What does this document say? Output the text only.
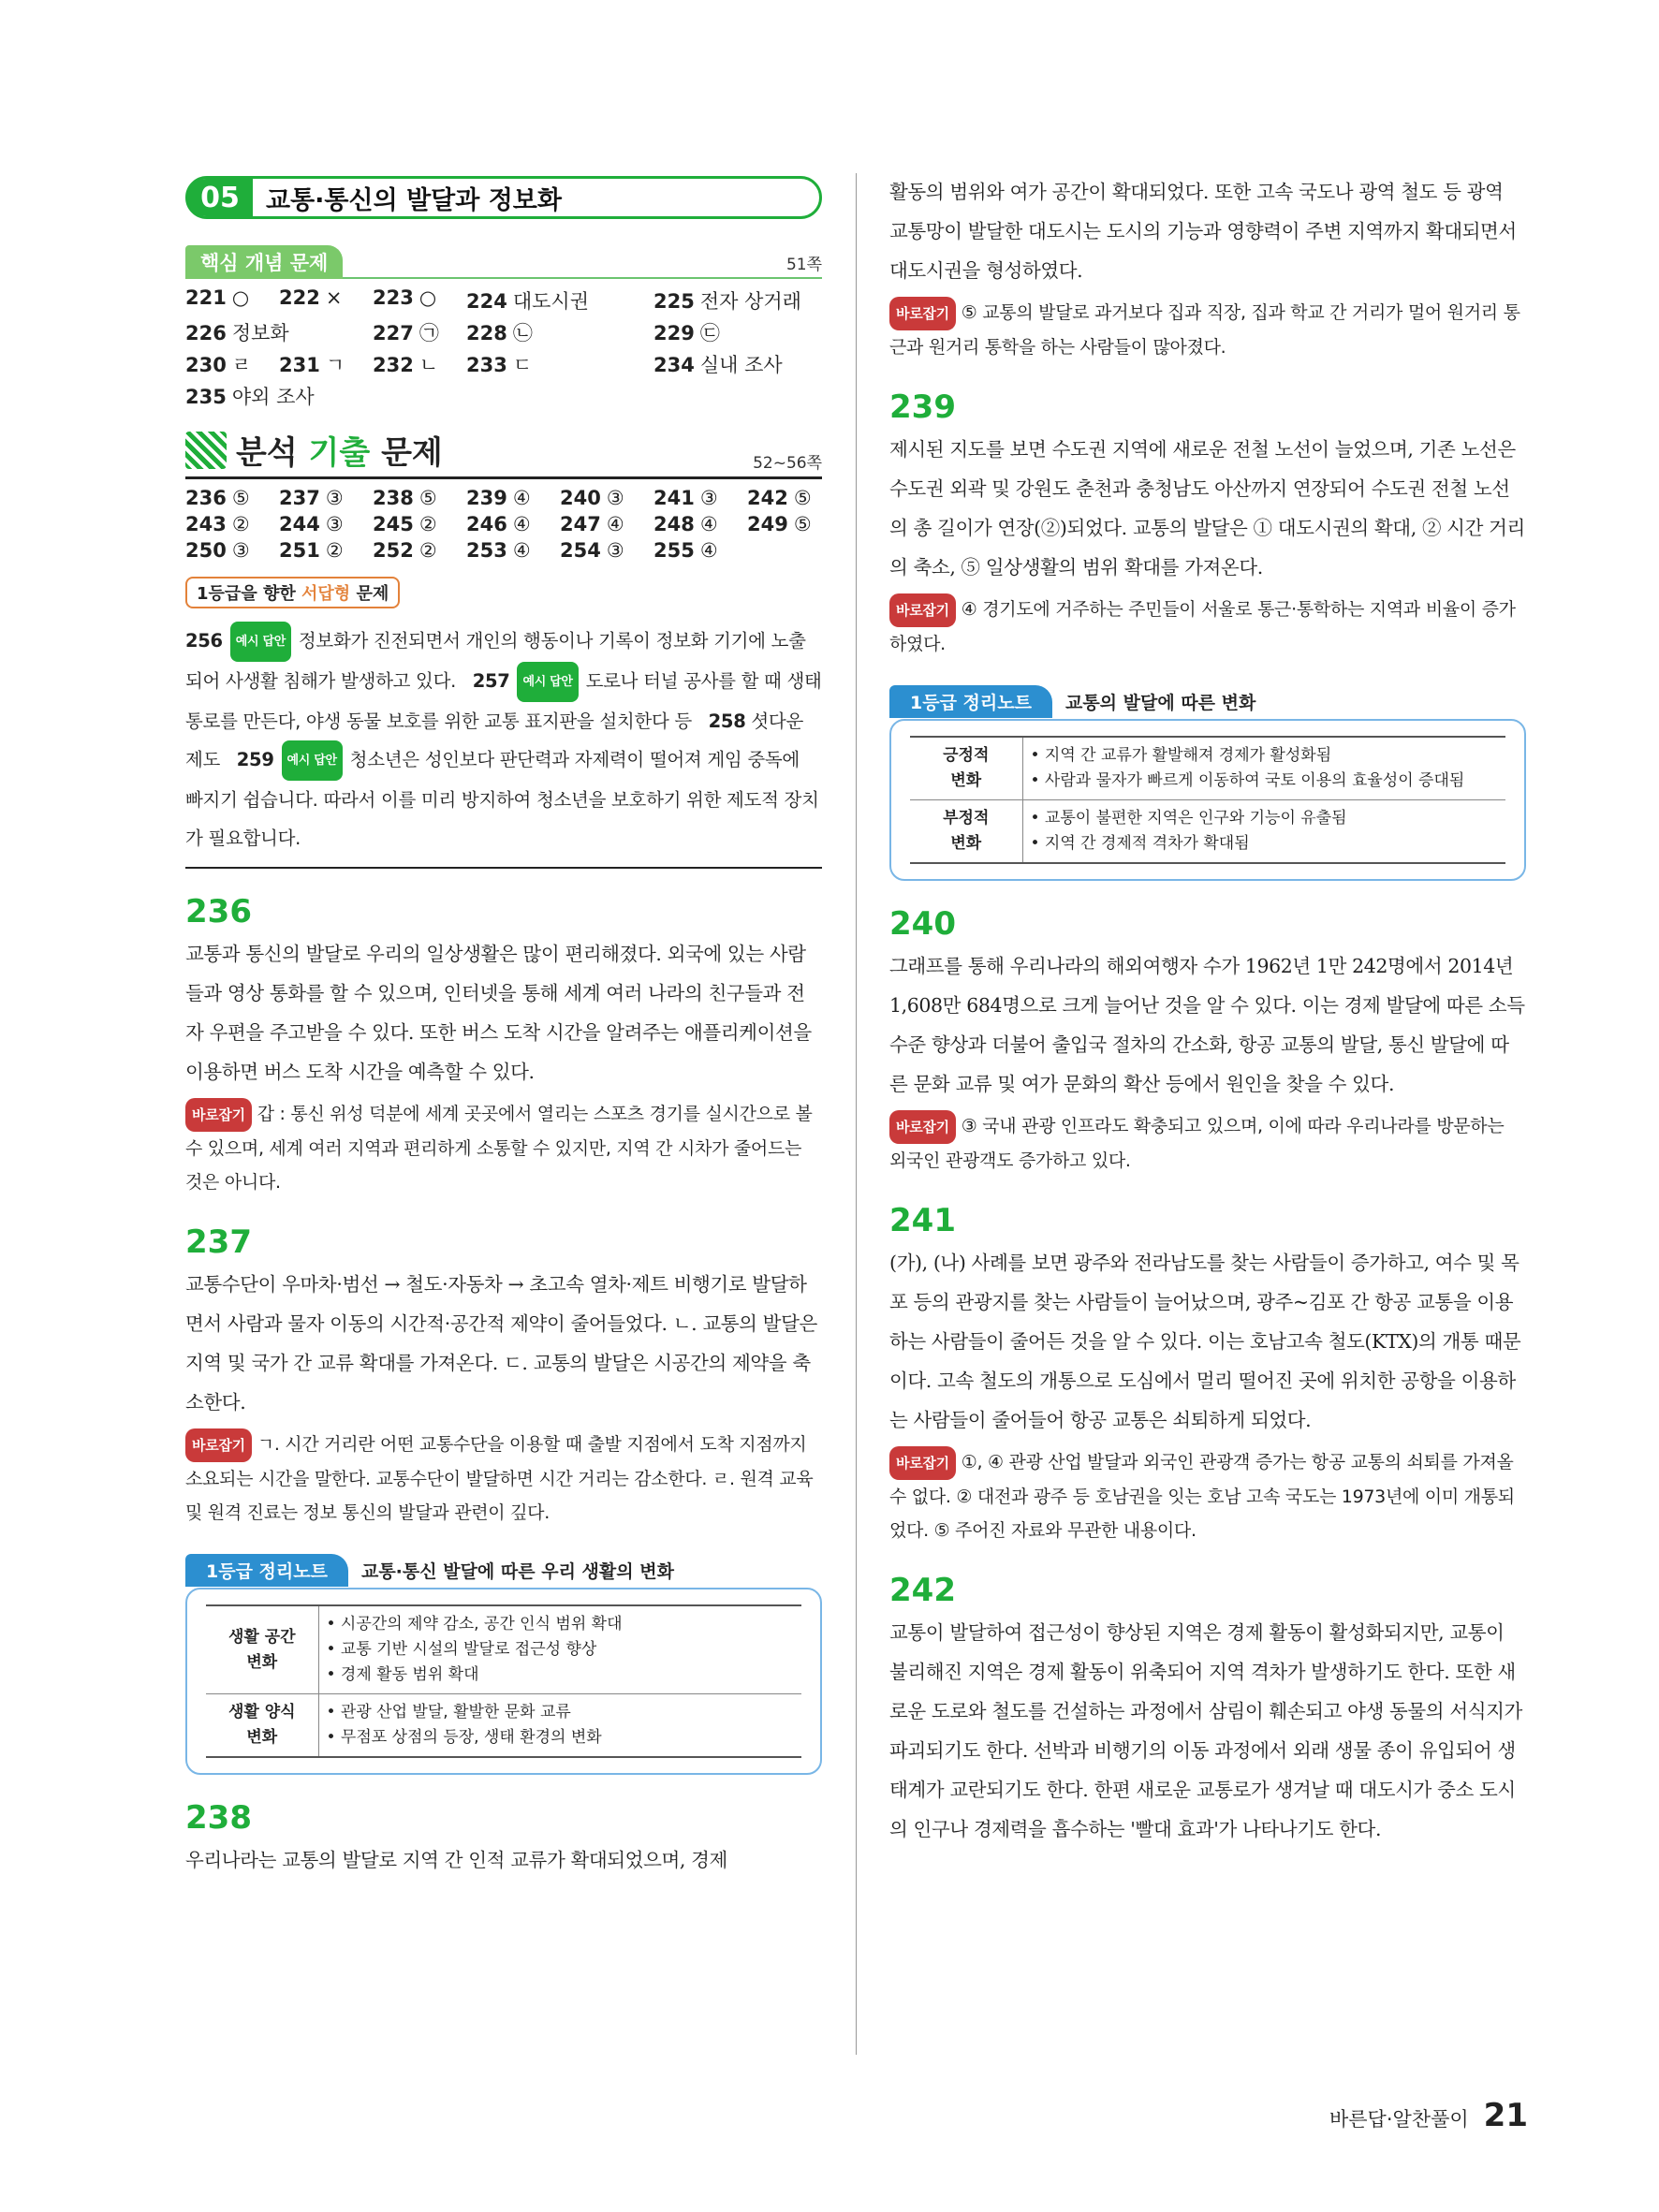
05	교통·통신의 발달과 정보화
핵심 개념 문제	51쪽
221 ○	222 ×	223 ○	224 대도시권	225 전자 상거래
226 정보화	227 ㉠	228 ㉡	229 ㉢
230 ㄹ	231 ㄱ	232 ㄴ	233 ㄷ	234 실내 조사
235 야외 조사
분석 기출 문제	52~56쪽
236 ⑤	237 ③	238 ⑤	239 ④	240 ③	241 ③	242 ⑤
243 ②	244 ③	245 ②	246 ④	247 ④	248 ④	249 ⑤
250 ③	251 ②	252 ②	253 ④	254 ③	255 ④
1등급을 향한 서답형 문제
256 예시 답안 정보화가 진전되면서 개인의 행동이나 기록이 정보화 기기에 노출되어 사생활 침해가 발생하고 있다. 257 예시 답안 도로나 터널 공사를 할 때 생태 통로를 만든다, 야생 동물 보호를 위한 교통 표지판을 설치한다 등 258 셧다운 제도 259 예시 답안 청소년은 성인보다 판단력과 자제력이 떨어져 게임 중독에 빠지기 쉽습니다. 따라서 이를 미리 방지하여 청소년을 보호하기 위한 제도적 장치가 필요합니다.
236
교통과 통신의 발달로 우리의 일상생활은 많이 편리해졌다. 외국에 있는 사람들과 영상 통화를 할 수 있으며, 인터넷을 통해 세계 여러 나라의 친구들과 전자 우편을 주고받을 수 있다. 또한 버스 도착 시간을 알려주는 애플리케이션을 이용하면 버스 도착 시간을 예측할 수 있다.
바로잡기 갑 : 통신 위성 덕분에 세계 곳곳에서 열리는 스포츠 경기를 실시간으로 볼 수 있으며, 세계 여러 지역과 편리하게 소통할 수 있지만, 지역 간 시차가 줄어드는 것은 아니다.
237
교통수단이 우마차·범선 → 철도·자동차 → 초고속 열차·제트 비행기로 발달하면서 사람과 물자 이동의 시간적·공간적 제약이 줄어들었다. ㄴ. 교통의 발달은 지역 및 국가 간 교류 확대를 가져온다. ㄷ. 교통의 발달은 시공간의 제약을 축소한다.
바로잡기 ㄱ. 시간 거리란 어떤 교통수단을 이용할 때 출발 지점에서 도착 지점까지 소요되는 시간을 말한다. 교통수단이 발달하면 시간 거리는 감소한다. ㄹ. 원격 교육 및 원격 진료는 정보 통신의 발달과 관련이 깊다.
1등급 정리노트	교통·통신 발달에 따른 우리 생활의 변화
생활 공간
변화	• 시공간의 제약 감소, 공간 인식 범위 확대
• 교통 기반 시설의 발달로 접근성 향상
• 경제 활동 범위 확대
생활 양식
변화	• 관광 산업 발달, 활발한 문화 교류
• 무점포 상점의 등장, 생태 환경의 변화
238
우리나라는 교통의 발달로 지역 간 인적 교류가 확대되었으며, 경제
활동의 범위와 여가 공간이 확대되었다. 또한 고속 국도나 광역 철도 등 광역 교통망이 발달한 대도시는 도시의 기능과 영향력이 주변 지역까지 확대되면서 대도시권을 형성하였다.
바로잡기 ⑤ 교통의 발달로 과거보다 집과 직장, 집과 학교 간 거리가 멀어 원거리 통근과 원거리 통학을 하는 사람들이 많아졌다.
239
제시된 지도를 보면 수도권 지역에 새로운 전철 노선이 늘었으며, 기존 노선은 수도권 외곽 및 강원도 춘천과 충청남도 아산까지 연장되어 수도권 전철 노선의 총 길이가 연장(②)되었다. 교통의 발달은 ① 대도시권의 확대, ② 시간 거리의 축소, ⑤ 일상생활의 범위 확대를 가져온다.
바로잡기 ④ 경기도에 거주하는 주민들이 서울로 통근·통학하는 지역과 비율이 증가하였다.
1등급 정리노트	교통의 발달에 따른 변화
긍정적
변화	• 지역 간 교류가 활발해져 경제가 활성화됨
• 사람과 물자가 빠르게 이동하여 국토 이용의 효율성이 증대됨
부정적
변화	• 교통이 불편한 지역은 인구와 기능이 유출됨
• 지역 간 경제적 격차가 확대됨
240
그래프를 통해 우리나라의 해외여행자 수가 1962년 1만 242명에서 2014년 1,608만 684명으로 크게 늘어난 것을 알 수 있다. 이는 경제 발달에 따른 소득 수준 향상과 더불어 출입국 절차의 간소화, 항공 교통의 발달, 통신 발달에 따른 문화 교류 및 여가 문화의 확산 등에서 원인을 찾을 수 있다.
바로잡기 ③ 국내 관광 인프라도 확충되고 있으며, 이에 따라 우리나라를 방문하는 외국인 관광객도 증가하고 있다.
241
(가), (나) 사례를 보면 광주와 전라남도를 찾는 사람들이 증가하고, 여수 및 목포 등의 관광지를 찾는 사람들이 늘어났으며, 광주~김포 간 항공 교통을 이용하는 사람들이 줄어든 것을 알 수 있다. 이는 호남고속 철도(KTX)의 개통 때문이다. 고속 철도의 개통으로 도심에서 멀리 떨어진 곳에 위치한 공항을 이용하는 사람들이 줄어들어 항공 교통은 쇠퇴하게 되었다.
바로잡기 ①, ④ 관광 산업 발달과 외국인 관광객 증가는 항공 교통의 쇠퇴를 가져올 수 없다. ② 대전과 광주 등 호남권을 잇는 호남 고속 국도는 1973년에 이미 개통되었다. ⑤ 주어진 자료와 무관한 내용이다.
242
교통이 발달하여 접근성이 향상된 지역은 경제 활동이 활성화되지만, 교통이 불리해진 지역은 경제 활동이 위축되어 지역 격차가 발생하기도 한다. 또한 새로운 도로와 철도를 건설하는 과정에서 삼림이 훼손되고 야생 동물의 서식지가 파괴되기도 한다. 선박과 비행기의 이동 과정에서 외래 생물 종이 유입되어 생태계가 교란되기도 한다. 한편 새로운 교통로가 생겨날 때 대도시가 중소 도시의 인구나 경제력을 흡수하는 '빨대 효과'가 나타나기도 한다.
바른답·알찬풀이 21
